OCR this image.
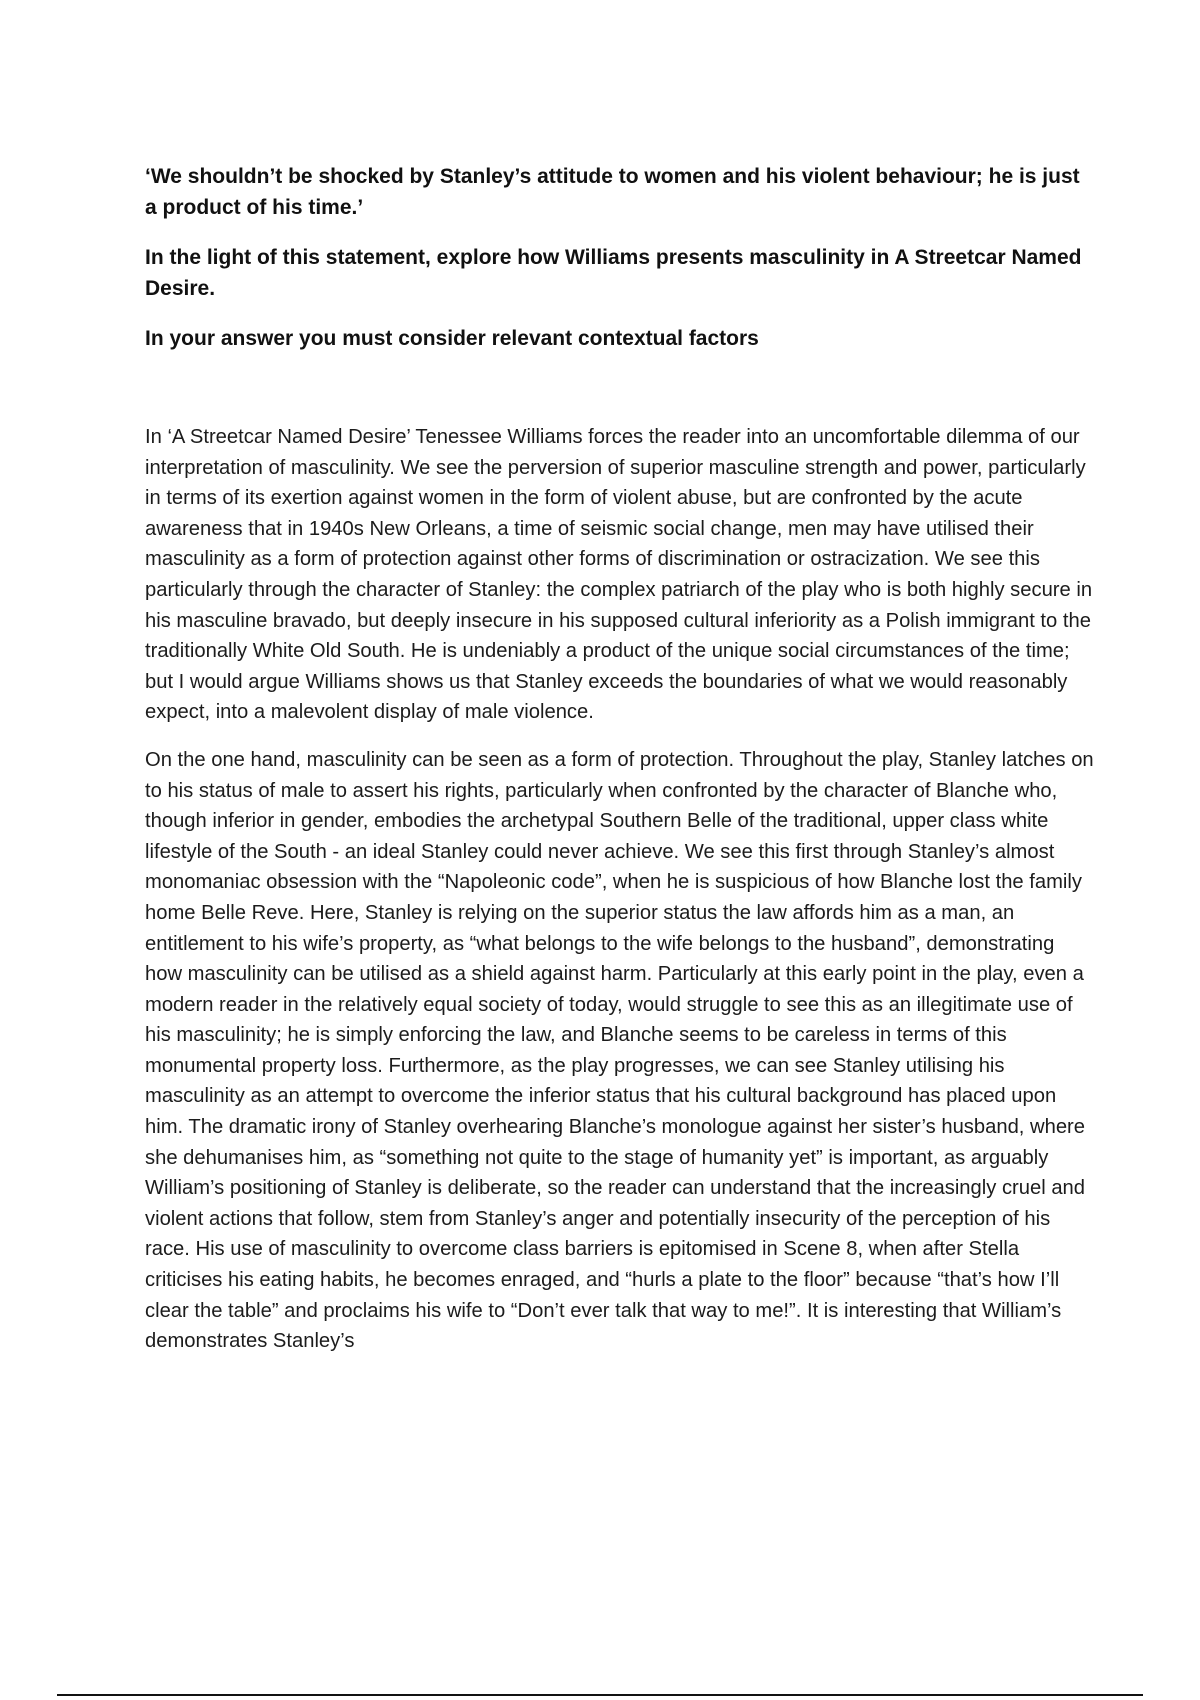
‘We shouldn’t be shocked by Stanley’s attitude to women and his violent behaviour; he is just a product of his time.’

In the light of this statement, explore how Williams presents masculinity in A Streetcar Named Desire.

In your answer you must consider relevant contextual factors

In ‘A Streetcar Named Desire’ Tenessee Williams forces the reader into an uncomfortable dilemma of our interpretation of masculinity. We see the perversion of superior masculine strength and power, particularly in terms of its exertion against women in the form of violent abuse, but are confronted by the acute awareness that in 1940s New Orleans, a time of seismic social change, men may have utilised their masculinity as a form of protection against other forms of discrimination or ostracization. We see this particularly through the character of Stanley: the complex patriarch of the play who is both highly secure in his masculine bravado, but deeply insecure in his supposed cultural inferiority as a Polish immigrant to the traditionally White Old South. He is undeniably a product of the unique social circumstances of the time; but I would argue Williams shows us that Stanley exceeds the boundaries of what we would reasonably expect, into a malevolent display of male violence.

On the one hand, masculinity can be seen as a form of protection. Throughout the play, Stanley latches on to his status of male to assert his rights, particularly when confronted by the character of Blanche who, though inferior in gender, embodies the archetypal Southern Belle of the traditional, upper class white lifestyle of the South - an ideal Stanley could never achieve. We see this first through Stanley’s almost monomaniac obsession with the “Napoleonic code”, when he is suspicious of how Blanche lost the family home Belle Reve. Here, Stanley is relying on the superior status the law affords him as a man, an entitlement to his wife’s property, as “what belongs to the wife belongs to the husband”, demonstrating how masculinity can be utilised as a shield against harm. Particularly at this early point in the play, even a modern reader in the relatively equal society of today, would struggle to see this as an illegitimate use of his masculinity; he is simply enforcing the law, and Blanche seems to be careless in terms of this monumental property loss. Furthermore, as the play progresses, we can see Stanley utilising his masculinity as an attempt to overcome the inferior status that his cultural background has placed upon him. The dramatic irony of Stanley overhearing Blanche’s monologue against her sister’s husband, where she dehumanises him, as “something not quite to the stage of humanity yet” is important, as arguably William’s positioning of Stanley is deliberate, so the reader can understand that the increasingly cruel and violent actions that follow, stem from Stanley’s anger and potentially insecurity of the perception of his race. His use of masculinity to overcome class barriers is epitomised in Scene 8, when after Stella criticises his eating habits, he becomes enraged, and “hurls a plate to the floor” because “that’s how I’ll clear the table” and proclaims his wife to “Don’t ever talk that way to me!”. It is interesting that William’s demonstrates Stanley’s
